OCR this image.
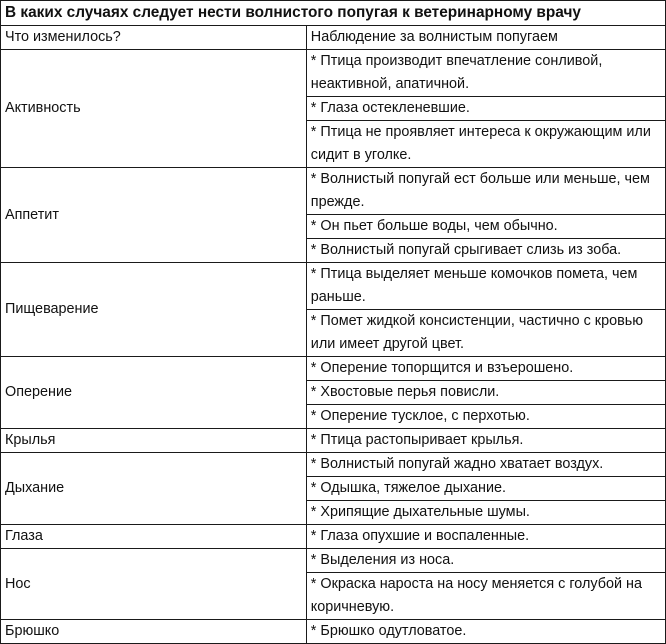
В каких случаях следует нести волнистого попугая к ветеринарному врачу	
Что изменилось?	Наблюдение за волнистым попугаем
Активность	* Птица производит впечатление сонливой, неактивной, апатичной.
	* Глаза остекленевшие.
	* Птица не проявляет интереса к окружающим или сидит в уголке.
Аппетит	* Волнистый попугай ест больше или меньше, чем прежде.
	* Он пьет больше воды, чем обычно.
	* Волнистый попугай срыгивает слизь из зоба.
Пищеварение	* Птица выделяет меньше комочков помета, чем раньше.
	* Помет жидкой консистенции, частично с кровью или имеет другой цвет.
Оперение	* Оперение топорщится и взъерошено.
	* Хвостовые перья повисли.
	* Оперение тусклое, с перхотью.
Крылья	* Птица растопыривает крылья.
Дыхание	* Волнистый попугай жадно хватает воздух.
	* Одышка, тяжелое дыхание.
	* Хрипящие дыхательные шумы.
Глаза	* Глаза опухшие и воспаленные.
Нос	* Выделения из носа.
	* Окраска нароста на носу меняется с голубой на коричневую.
Брюшко	* Брюшко одутловатое.
